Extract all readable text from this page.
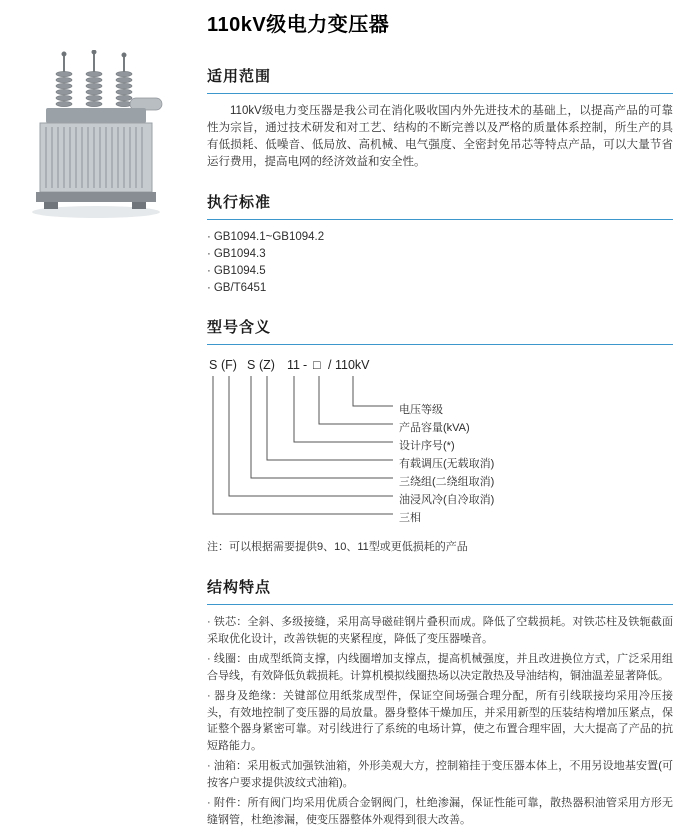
110kV级电力变压器
适用范围

110kV级电力变压器是我公司在消化吸收国内外先进技术的基础上，以提高产品的可靠性为宗旨，通过技术研发和对工艺、结构的不断完善以及严格的质量体系控制，所生产的具有低损耗、低噪音、低局放、高机械、电气强度、全密封免吊芯等特点产品，可以大量节省运行费用，提高电网的经济效益和安全性。

执行标准
· GB1094.1~GB1094.2
· GB1094.3
· GB1094.5
· GB/T6451
型号含义
S (F) S (Z) 11 - □ / 110kV
电压等级
产品容量(kVA)
设计序号(*)
有载调压(无载取消)
三绕组(二绕组取消)
油浸风冷(自冷取消)
三相

注：可以根据需要提供9、10、11型或更低损耗的产品

结构特点

· 铁芯：全斜、多级接缝，采用高导磁硅钢片叠积而成。降低了空载损耗。对铁芯柱及铁轭截面采取优化设计，改善铁轭的夹紧程度，降低了变压器噪音。

· 线圈：由成型纸筒支撑，内线圈增加支撑点，提高机械强度，并且改进换位方式，广泛采用组合导线，有效降低负载损耗。计算机模拟线圈热场以决定散热及导油结构，铜油温差显著降低。

· 器身及绝缘：关键部位用纸浆成型件，保证空间场强合理分配，所有引线联接均采用冷压接头，有效地控制了变压器的局放量。器身整体干燥加压，并采用新型的压装结构增加压紧点，保证整个器身紧密可靠。对引线进行了系统的电场计算，使之布置合理牢固，大大提高了产品的抗短路能力。

· 油箱：采用板式加强铁油箱，外形美观大方，控制箱挂于变压器本体上，不用另设地基安置(可按客户要求提供波纹式油箱)。

· 附件：所有阀门均采用优质合金钢阀门，杜绝渗漏，保证性能可靠，散热器积油管采用方形无缝钢管，杜绝渗漏，使变压器整体外观得到很大改善。
